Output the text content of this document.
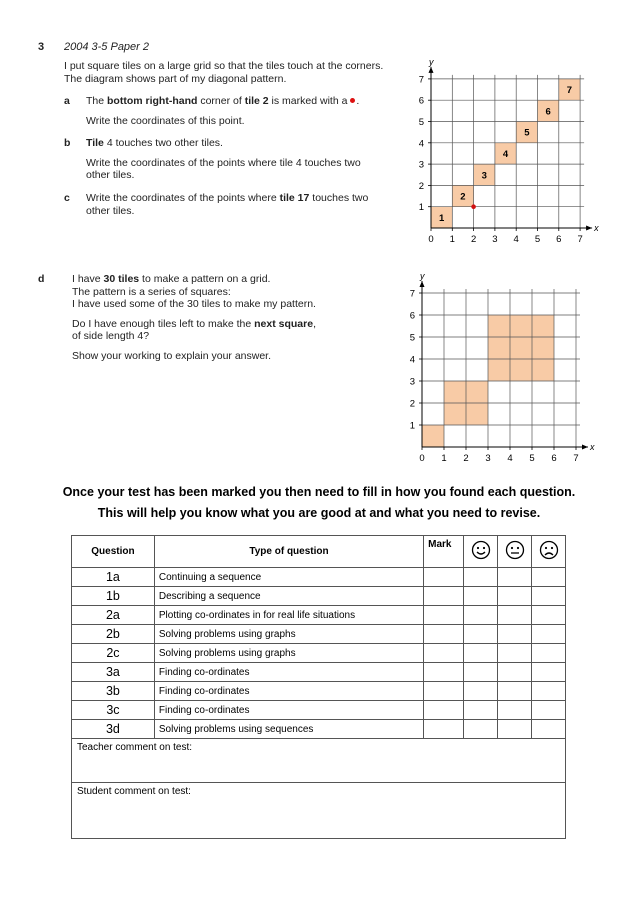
3 2004 3-5 Paper 2
I put square tiles on a large grid so that the tiles touch at the corners.
The diagram shows part of my diagonal pattern.
a The bottom right-hand corner of tile 2 is marked with a .
Write the coordinates of this point.
b Tile 4 touches two other tiles.
Write the coordinates of the points where tile 4 touches two
other tiles.
c Write the coordinates of the points where tile 17 touches two
other tiles.
d	I have 30 tiles to make a pattern on a grid.
The pattern is a series of squares:
I have used some of the 30 tiles to make my pattern.
Do I have enough tiles left to make the next square,
of side length 4?
Show your working to explain your answer.
x
y
0 1 2 3 4 5 6 7
1
2
3
4
5
6
7
1
2
3
4
5
6
7
x
y
0 1 2 3 4 5 6 7
1
2
3
4
5
6
7
Once your test has been marked you then need to fill in how you found each question.
This will help you know what you are good at and what you need to revise.
Question	Type of question	Mark			
1a	Continuing a sequence				
1b	Describing a sequence				
2a	Plotting co-ordinates in for real life situations				
2b	Solving problems using graphs				
2c	Solving problems using graphs				
3a	Finding co-ordinates				
3b	Finding co-ordinates				
3c	Finding co-ordinates				
3d	Solving problems using sequences				
Teacher comment on test:					
Student comment on test:					
